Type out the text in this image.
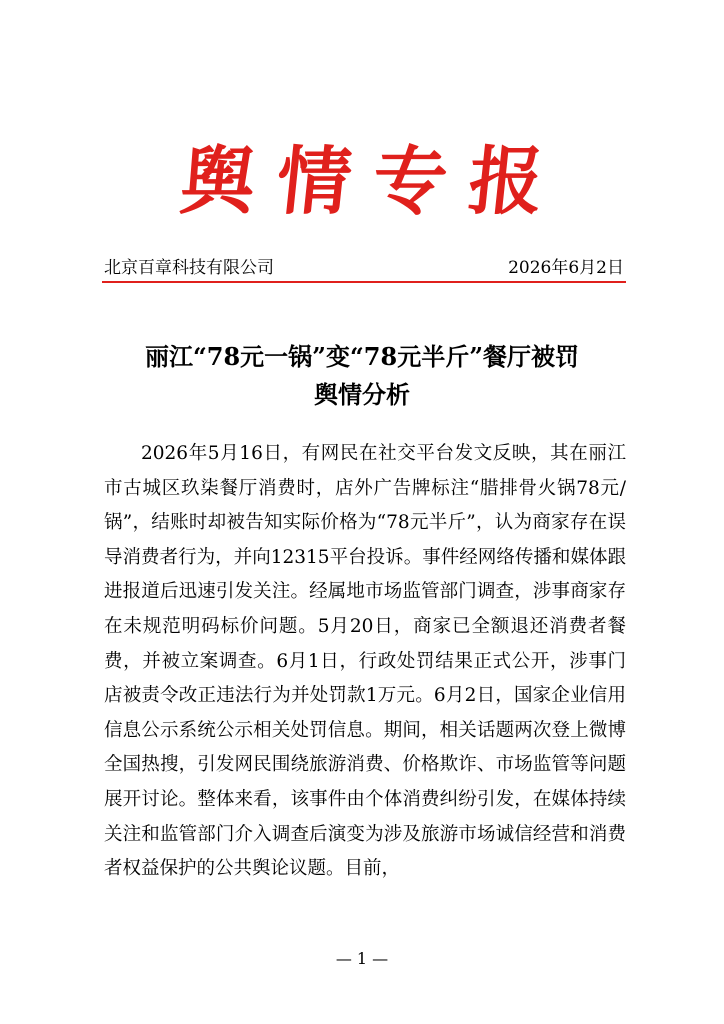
舆情专报
北京百章科技有限公司	2026年6月2日
丽江“78元一锅”变“78元半斤”餐厅被罚
舆情分析

2026年5月16日，有网民在社交平台发文反映，其在丽江市古城区玖柒餐厅消费时，店外广告牌标注“腊排骨火锅78元/锅”，结账时却被告知实际价格为“78元半斤”，认为商家存在误导消费者行为，并向12315平台投诉。事件经网络传播和媒体跟进报道后迅速引发关注。经属地市场监管部门调查，涉事商家存在未规范明码标价问题。5月20日，商家已全额退还消费者餐费，并被立案调查。6月1日，行政处罚结果正式公开，涉事门店被责令改正违法行为并处罚款1万元。6月2日，国家企业信用信息公示系统公示相关处罚信息。期间，相关话题两次登上微博全国热搜，引发网民围绕旅游消费、价格欺诈、市场监管等问题展开讨论。整体来看，该事件由个体消费纠纷引发，在媒体持续关注和监管部门介入调查后演变为涉及旅游市场诚信经营和消费者权益保护的公共舆论议题。目前，

— 1 —
